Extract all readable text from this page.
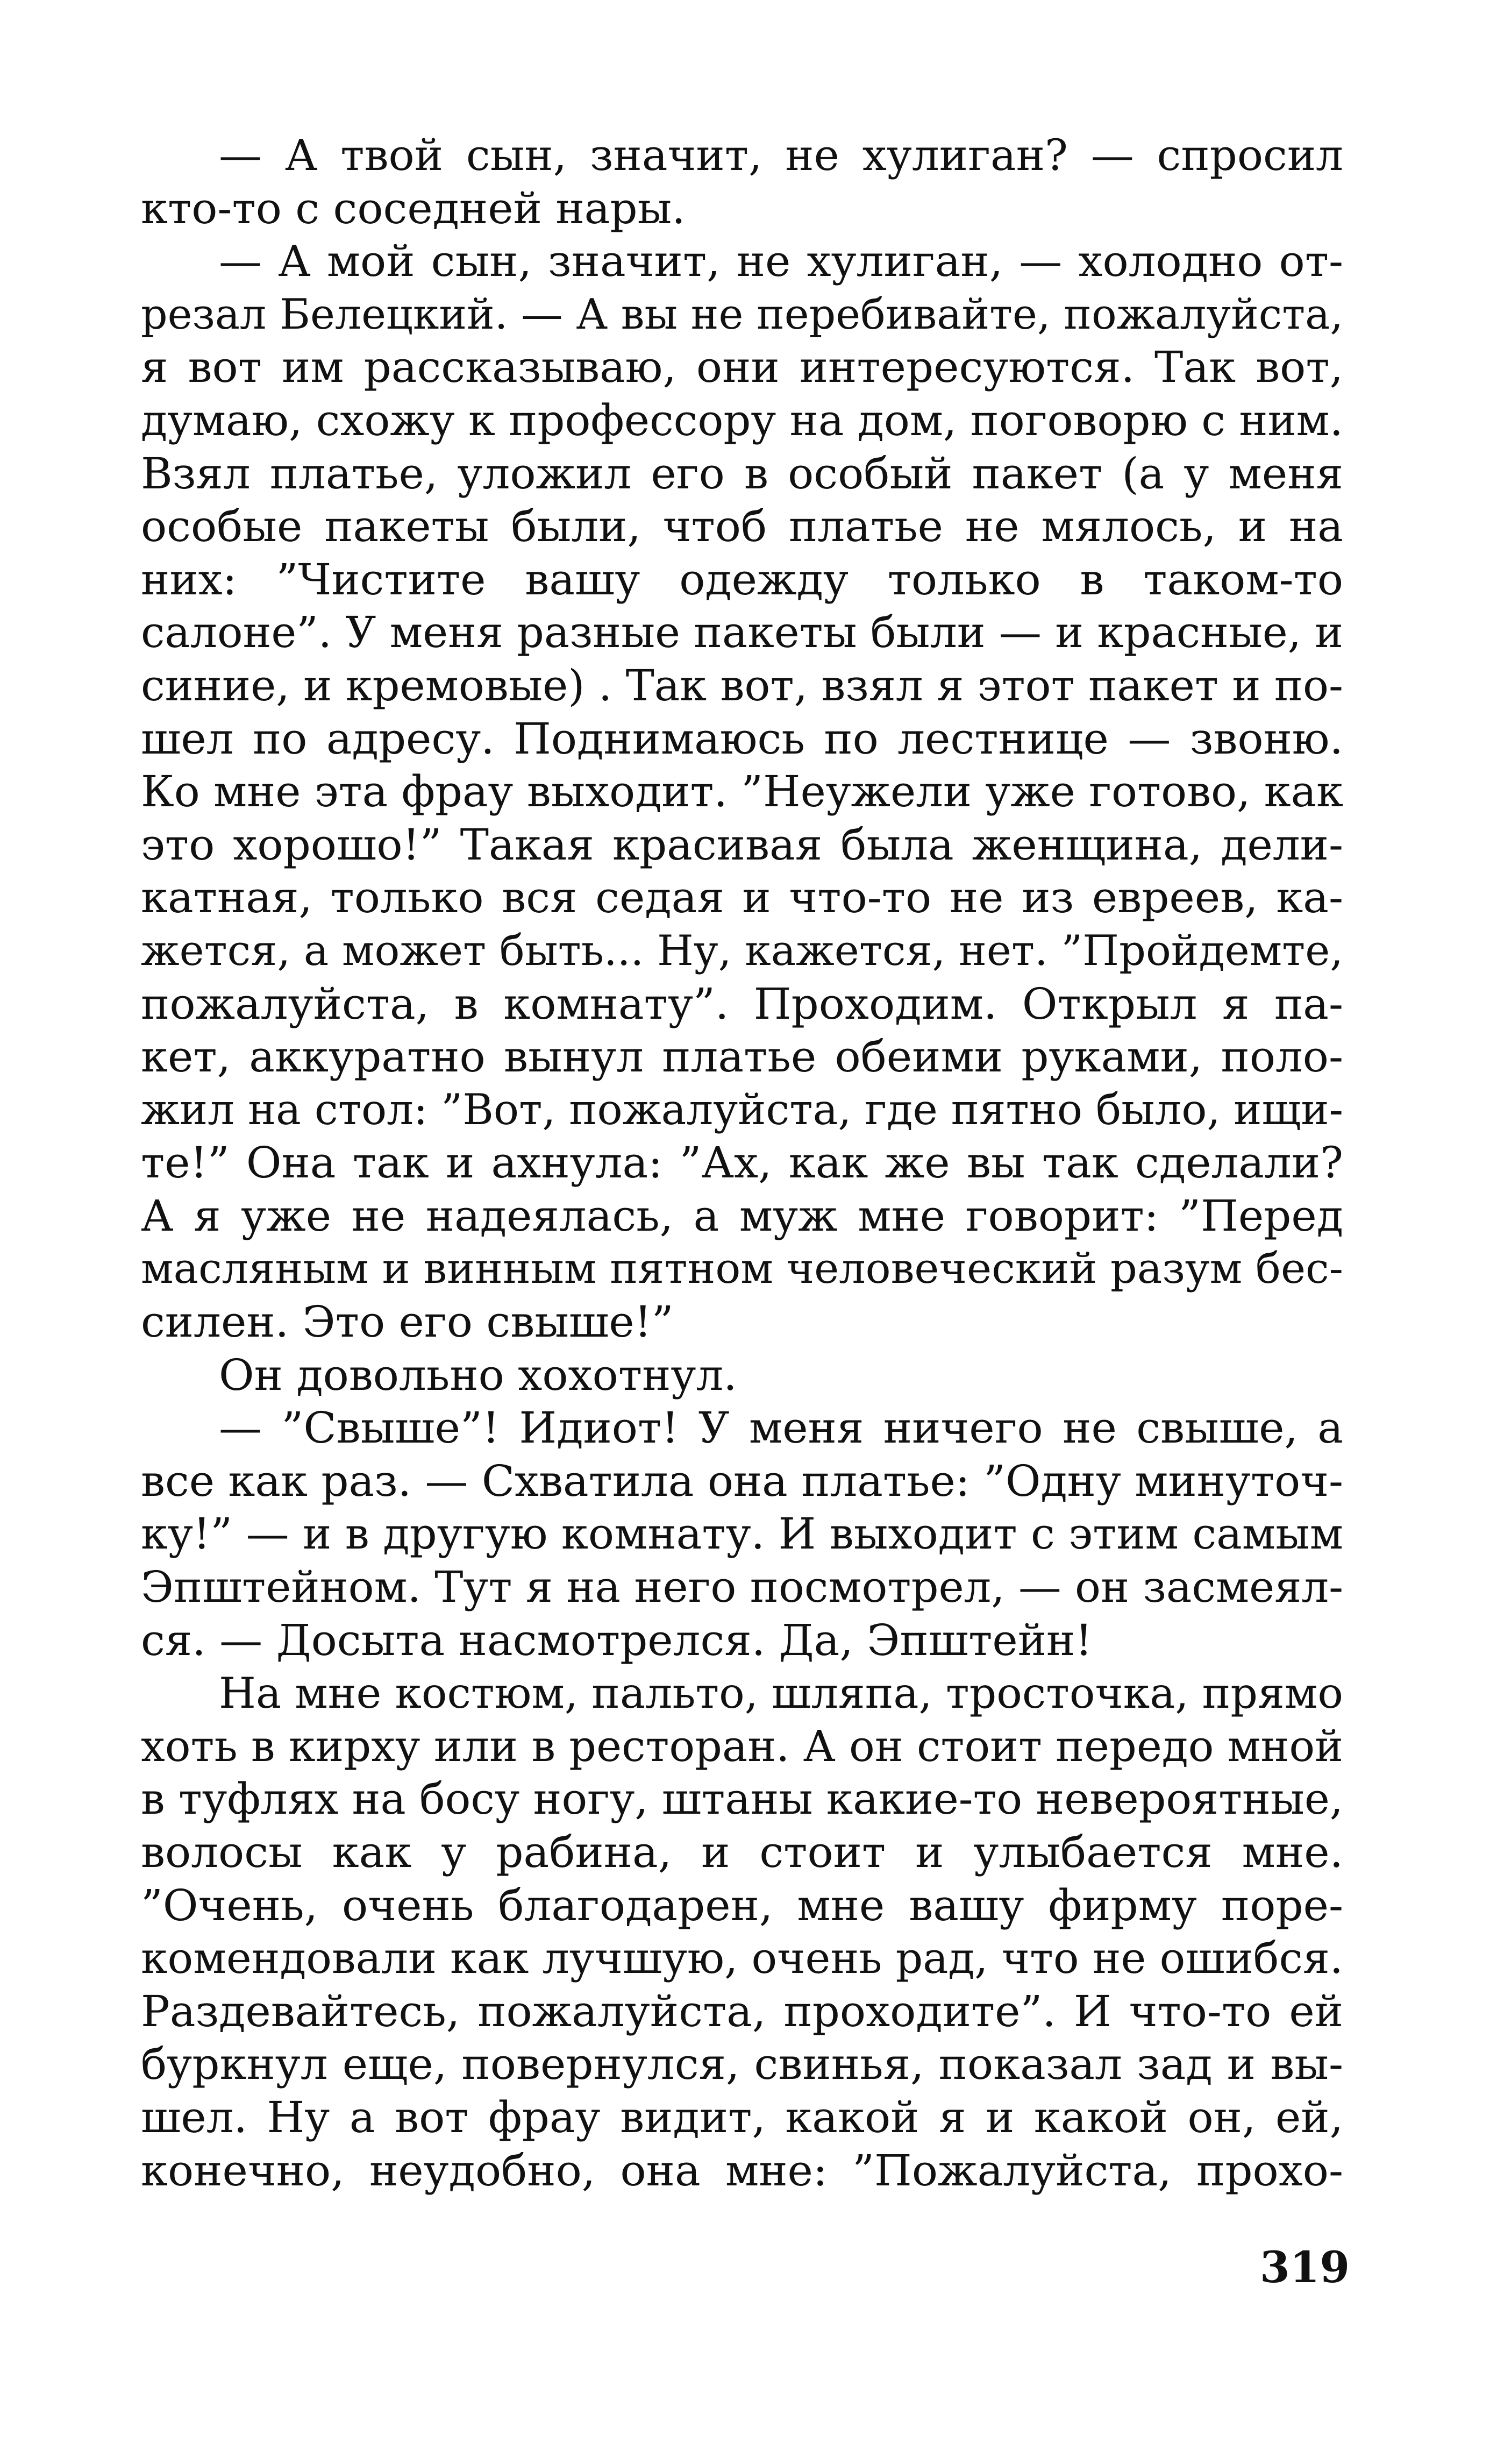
— А твой сын, значит, не хулиган? — спросил
кто-то с соседней нары.

— А мой сын, значит, не хулиган, — холодно от-
резал Белецкий. — А вы не перебивайте, пожалуйста,
я вот им рассказываю, они интересуются. Так вот,
думаю, схожу к профессору на дом, поговорю с ним.
Взял платье, уложил его в особый пакет (а у меня
особые пакеты были, чтоб платье не мялось, и на
них: ”Чистите вашу одежду только в таком-то
салоне”. У меня разные пакеты были — и красные, и
синие, и кремовые) . Так вот, взял я этот пакет и по-
шел по адресу. Поднимаюсь по лестнице — звоню.
Ко мне эта фрау выходит. ”Неужели уже готово, как
это хорошо!” Такая красивая была женщина, дели-
катная, только вся седая и что-то не из евреев, ка-
жется, а может быть... Ну, кажется, нет. ”Пройдемте,
пожалуйста, в комнату”. Проходим. Открыл я па-
кет, аккуратно вынул платье обеими руками, поло-
жил на стол: ”Вот, пожалуйста, где пятно было, ищи-
те!” Она так и ахнула: ”Ах, как же вы так сделали?
А я уже не надеялась, а муж мне говорит: ”Перед
масляным и винным пятном человеческий разум бес-
силен. Это его свыше!”

Он довольно хохотнул.

— ”Свыше”! Идиот! У меня ничего не свыше, а
все как раз. — Схватила она платье: ”Одну минуточ-
ку!” — и в другую комнату. И выходит с этим самым
Эпштейном. Тут я на него посмотрел, — он засмеял-
ся. — Досыта насмотрелся. Да, Эпштейн!

На мне костюм, пальто, шляпа, тросточка, прямо
хоть в кирху или в ресторан. А он стоит передо мной
в туфлях на босу ногу, штаны какие-то невероятные,
волосы как у рабина, и стоит и улыбается мне.
”Очень, очень благодарен, мне вашу фирму поре-
комендовали как лучшую, очень рад, что не ошибся.
Раздевайтесь, пожалуйста, проходите”. И что-то ей
буркнул еще, повернулся, свинья, показал зад и вы-
шел. Ну а вот фрау видит, какой я и какой он, ей,
конечно, неудобно, она мне: ”Пожалуйста, прохо-

319
